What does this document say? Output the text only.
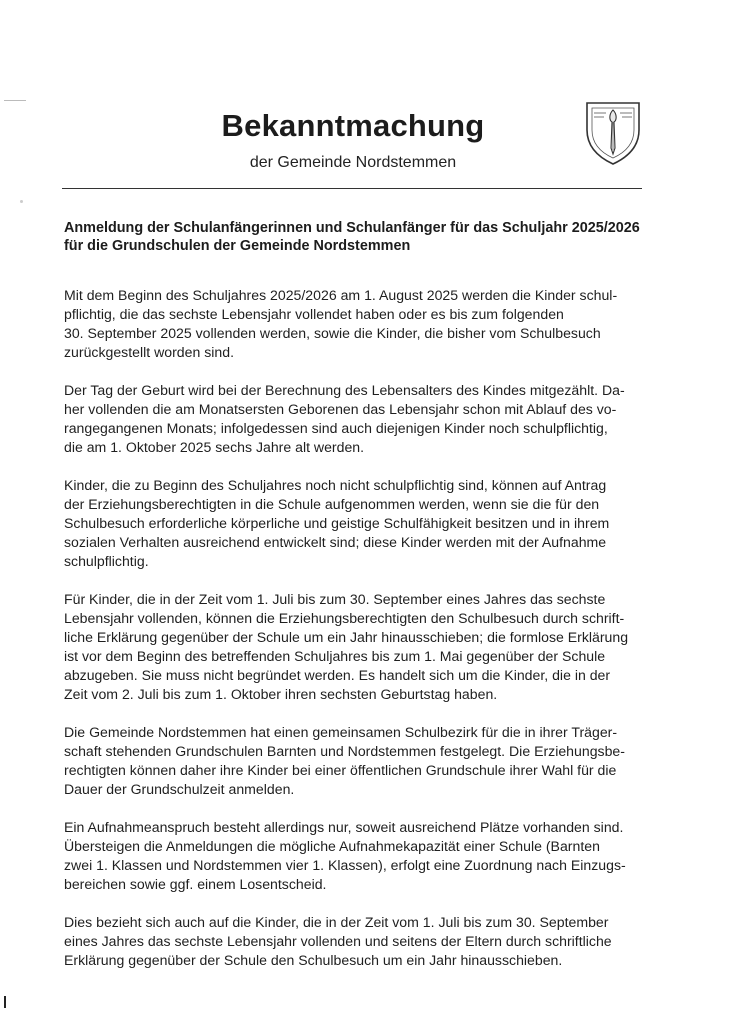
Bekanntmachung
der Gemeinde Nordstemmen
Anmeldung der Schulanfängerinnen und Schulanfänger für das Schuljahr 2025/2026
für die Grundschulen der Gemeinde Nordstemmen

Mit dem Beginn des Schuljahres 2025/2026 am 1. August 2025 werden die Kinder schul-
pflichtig, die das sechste Lebensjahr vollendet haben oder es bis zum folgenden
30. September 2025 vollenden werden, sowie die Kinder, die bisher vom Schulbesuch
zurückgestellt worden sind.

Der Tag der Geburt wird bei der Berechnung des Lebensalters des Kindes mitgezählt. Da-
her vollenden die am Monatsersten Geborenen das Lebensjahr schon mit Ablauf des vo-
rangegangenen Monats; infolgedessen sind auch diejenigen Kinder noch schulpflichtig,
die am 1. Oktober 2025 sechs Jahre alt werden.

Kinder, die zu Beginn des Schuljahres noch nicht schulpflichtig sind, können auf Antrag
der Erziehungsberechtigten in die Schule aufgenommen werden, wenn sie die für den
Schulbesuch erforderliche körperliche und geistige Schulfähigkeit besitzen und in ihrem
sozialen Verhalten ausreichend entwickelt sind; diese Kinder werden mit der Aufnahme
schulpflichtig.

Für Kinder, die in der Zeit vom 1. Juli bis zum 30. September eines Jahres das sechste
Lebensjahr vollenden, können die Erziehungsberechtigten den Schulbesuch durch schrift-
liche Erklärung gegenüber der Schule um ein Jahr hinausschieben; die formlose Erklärung
ist vor dem Beginn des betreffenden Schuljahres bis zum 1. Mai gegenüber der Schule
abzugeben. Sie muss nicht begründet werden. Es handelt sich um die Kinder, die in der
Zeit vom 2. Juli bis zum 1. Oktober ihren sechsten Geburtstag haben.

Die Gemeinde Nordstemmen hat einen gemeinsamen Schulbezirk für die in ihrer Träger-
schaft stehenden Grundschulen Barnten und Nordstemmen festgelegt. Die Erziehungsbe-
rechtigten können daher ihre Kinder bei einer öffentlichen Grundschule ihrer Wahl für die
Dauer der Grundschulzeit anmelden.

Ein Aufnahmeanspruch besteht allerdings nur, soweit ausreichend Plätze vorhanden sind.
Übersteigen die Anmeldungen die mögliche Aufnahmekapazität einer Schule (Barnten
zwei 1. Klassen und Nordstemmen vier 1. Klassen), erfolgt eine Zuordnung nach Einzugs-
bereichen sowie ggf. einem Losentscheid.

Dies bezieht sich auch auf die Kinder, die in der Zeit vom 1. Juli bis zum 30. September
eines Jahres das sechste Lebensjahr vollenden und seitens der Eltern durch schriftliche
Erklärung gegenüber der Schule den Schulbesuch um ein Jahr hinausschieben.
